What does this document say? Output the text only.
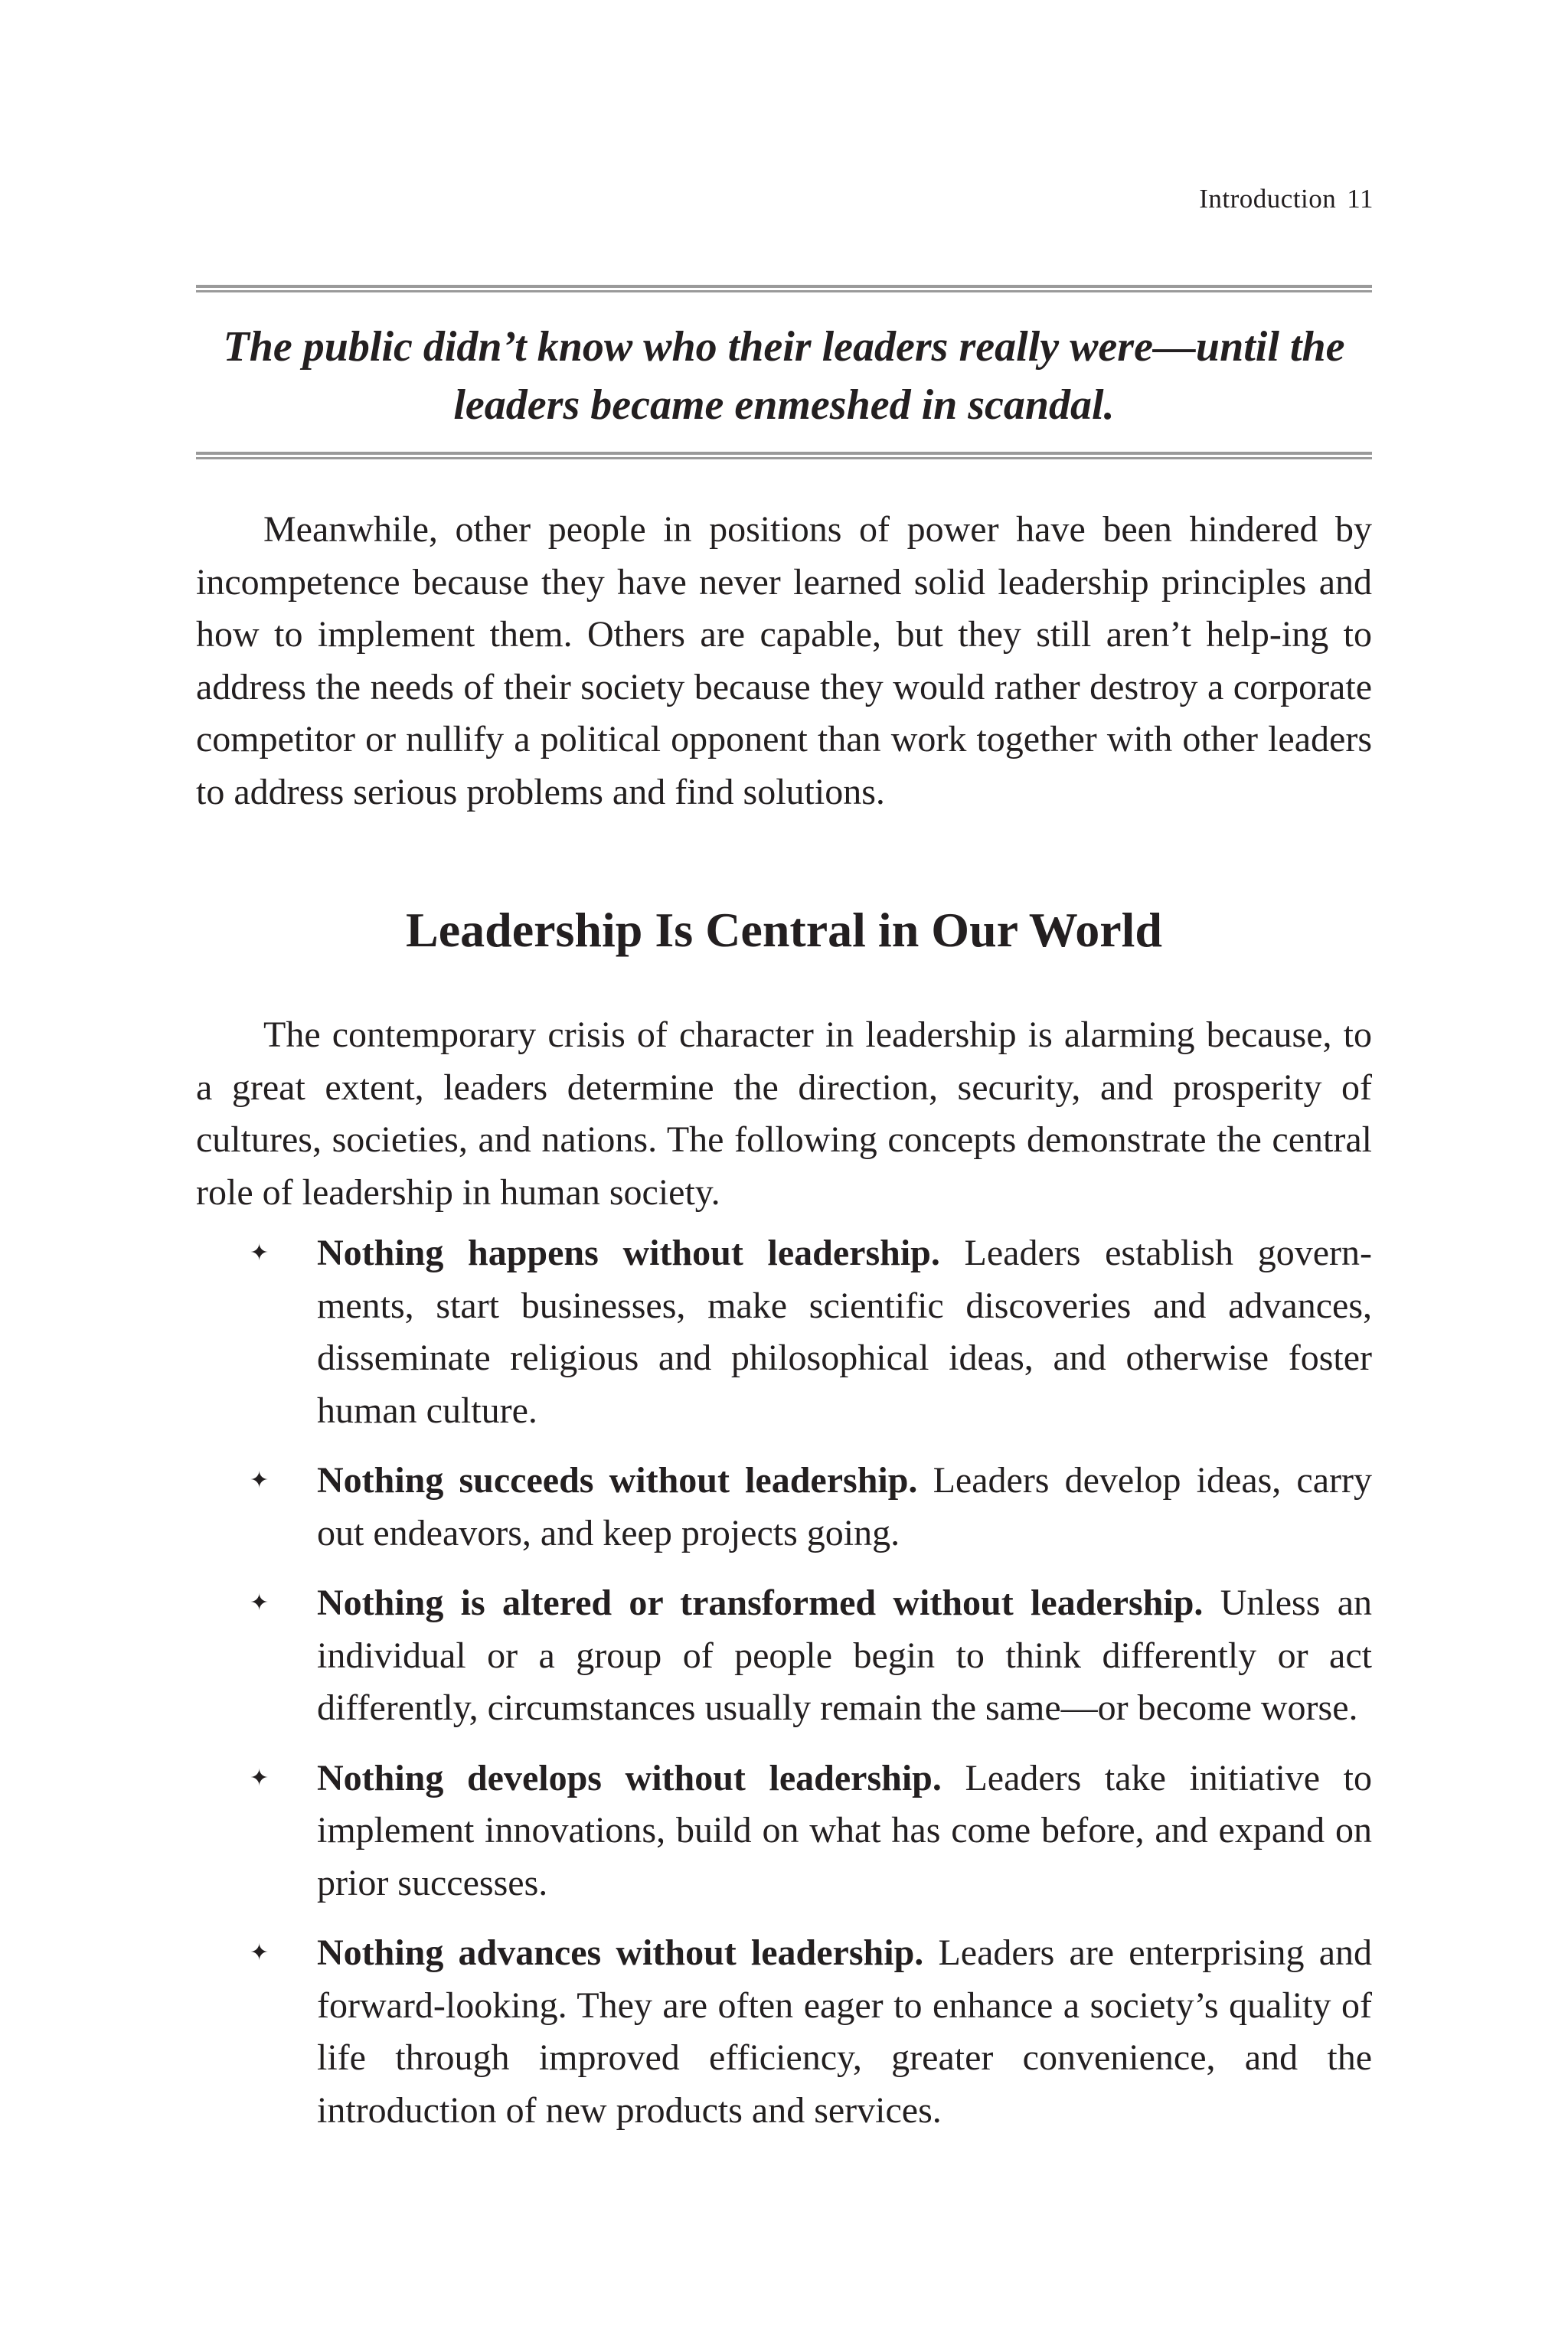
Introduction 11
The public didn’t know who their leaders really were—until the leaders became enmeshed in scandal.

Meanwhile, other people in positions of power have been hindered by incompetence because they have never learned solid leadership principles and how to implement them. Others are capable, but they still aren’t help-ing to address the needs of their society because they would rather destroy a corporate competitor or nullify a political opponent than work together with other leaders to address serious problems and find solutions.

Leadership Is Central in Our World

The contemporary crisis of character in leadership is alarming because, to a great extent, leaders determine the direction, security, and prosperity of cultures, societies, and nations. The following concepts demonstrate the central role of leadership in human society.

✦ Nothing happens without leadership. Leaders establish govern-ments, start businesses, make scientific discoveries and advances, disseminate religious and philosophical ideas, and otherwise foster human culture.
✦ Nothing succeeds without leadership. Leaders develop ideas, carry out endeavors, and keep projects going.
✦ Nothing is altered or transformed without leadership. Unless an individual or a group of people begin to think differently or act differently, circumstances usually remain the same—or become worse.
✦ Nothing develops without leadership. Leaders take initiative to implement innovations, build on what has come before, and expand on prior successes.
✦ Nothing advances without leadership. Leaders are enterprising and forward-looking. They are often eager to enhance a society’s quality of life through improved efficiency, greater convenience, and the introduction of new products and services.
